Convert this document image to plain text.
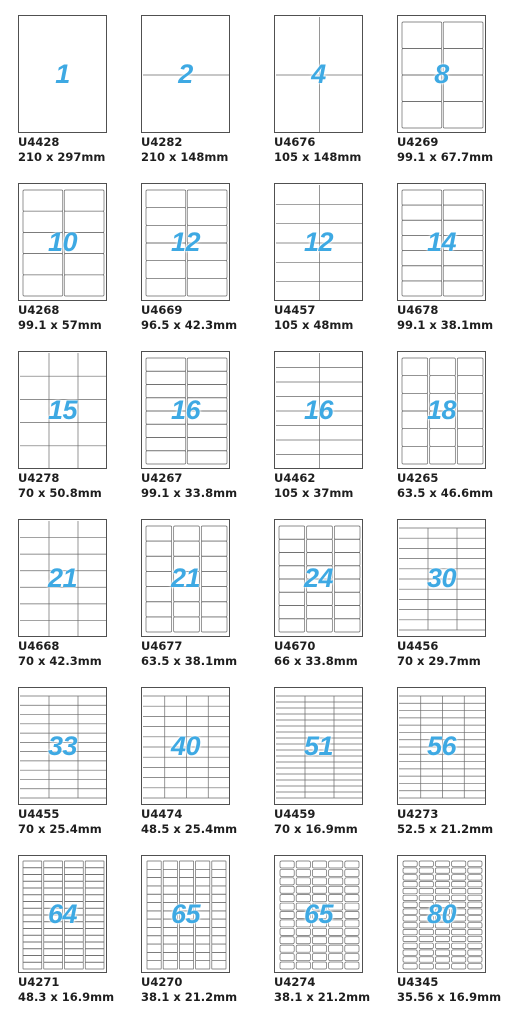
1
U4428
210 x 297mm
2
U4282
210 x 148mm
4
U4676
105 x 148mm
8
U4269
99.1 x 67.7mm
10
U4268
99.1 x 57mm
12
U4669
96.5 x 42.3mm
12
U4457
105 x 48mm
14
U4678
99.1 x 38.1mm
15
U4278
70 x 50.8mm
16
U4267
99.1 x 33.8mm
16
U4462
105 x 37mm
18
U4265
63.5 x 46.6mm
21
U4668
70 x 42.3mm
21
U4677
63.5 x 38.1mm
24
U4670
66 x 33.8mm
30
U4456
70 x 29.7mm
33
U4455
70 x 25.4mm
40
U4474
48.5 x 25.4mm
51
U4459
70 x 16.9mm
56
U4273
52.5 x 21.2mm
64
U4271
48.3 x 16.9mm
65
U4270
38.1 x 21.2mm
65
U4274
38.1 x 21.2mm
80
U4345
35.56 x 16.9mm
